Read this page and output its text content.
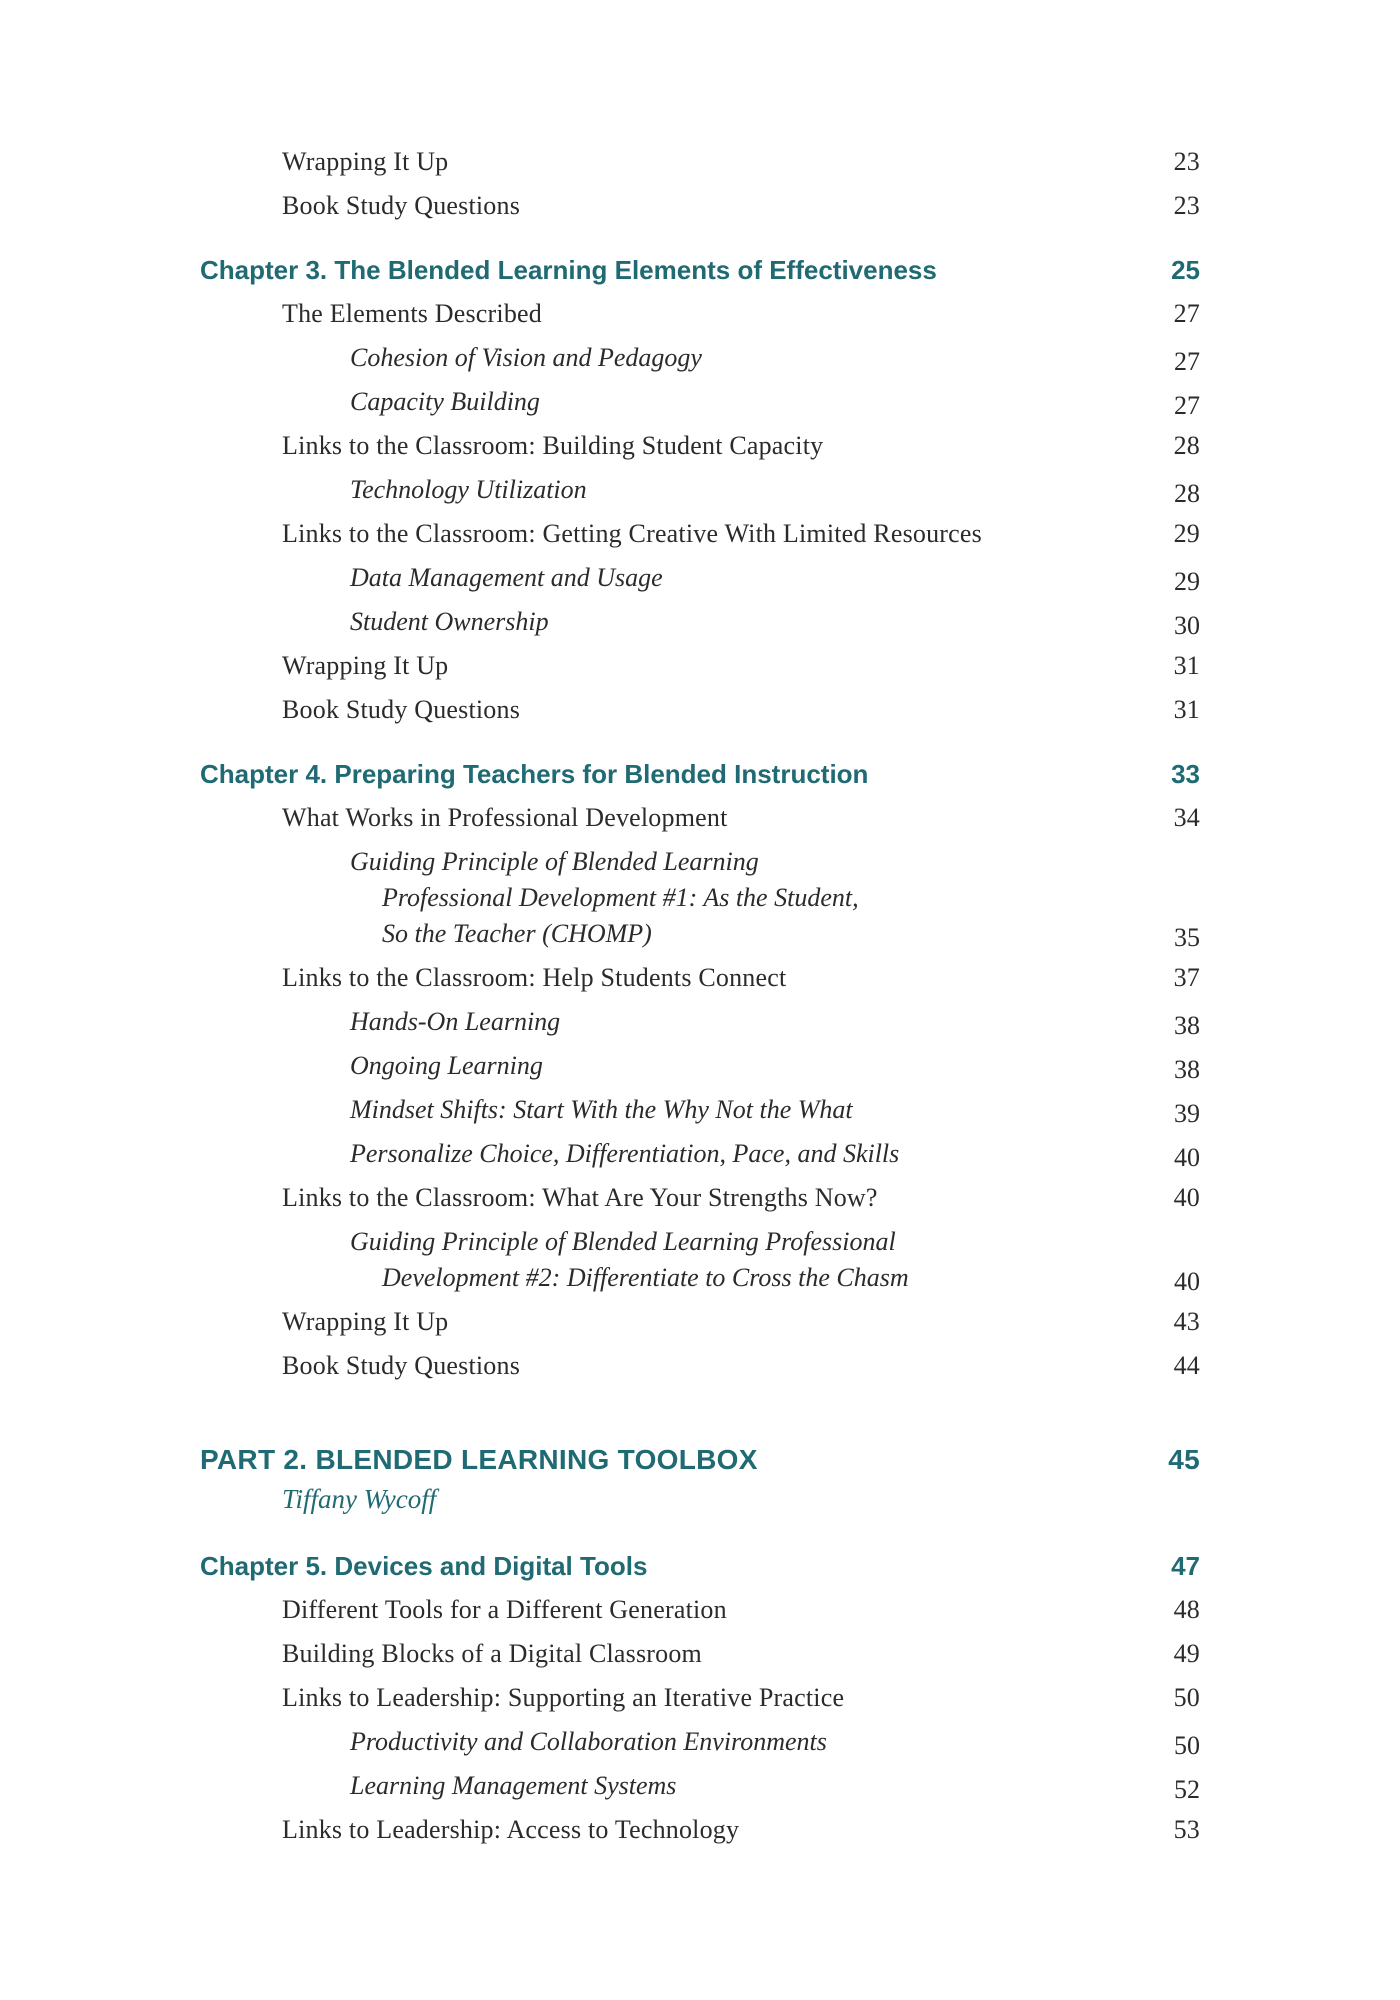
Wrapping It Up	23
Book Study Questions	23
Chapter 3. The Blended Learning Elements of Effectiveness	25
The Elements Described	27
Cohesion of Vision and Pedagogy	27
Capacity Building	27
Links to the Classroom: Building Student Capacity	28
Technology Utilization	28
Links to the Classroom: Getting Creative With Limited Resources	29
Data Management and Usage	29
Student Ownership	30
Wrapping It Up	31
Book Study Questions	31
Chapter 4. Preparing Teachers for Blended Instruction	33
What Works in Professional Development	34
Guiding Principle of Blended Learning
Professional Development #1: As the Student,
So the Teacher (CHOMP)	35
Links to the Classroom: Help Students Connect	37
Hands-On Learning	38
Ongoing Learning	38
Mindset Shifts: Start With the Why Not the What	39
Personalize Choice, Differentiation, Pace, and Skills	40
Links to the Classroom: What Are Your Strengths Now?	40
Guiding Principle of Blended Learning Professional
Development #2: Differentiate to Cross the Chasm	40
Wrapping It Up	43
Book Study Questions	44
PART 2. BLENDED LEARNING TOOLBOX	45
Tiffany Wycoff
Chapter 5. Devices and Digital Tools	47
Different Tools for a Different Generation	48
Building Blocks of a Digital Classroom	49
Links to Leadership: Supporting an Iterative Practice	50
Productivity and Collaboration Environments	50
Learning Management Systems	52
Links to Leadership: Access to Technology	53
